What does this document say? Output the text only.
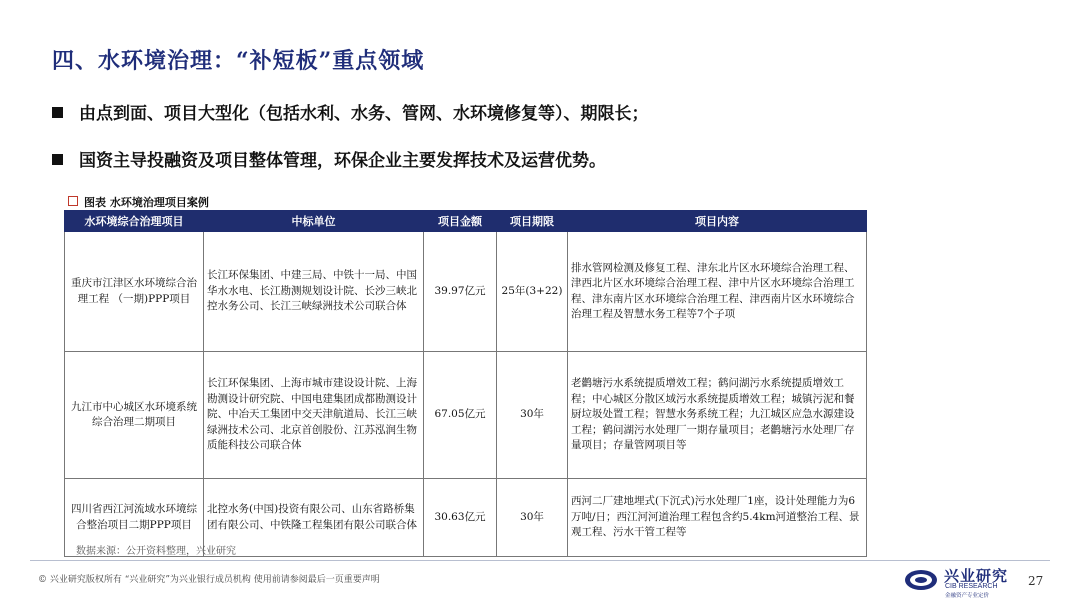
四、水环境治理：“补短板”重点领域
由点到面、项目大型化（包括水利、水务、管网、水环境修复等）、期限长；
国资主导投融资及项目整体管理，环保企业主要发挥技术及运营优势。
图表 水环境治理项目案例
水环境综合治理项目	中标单位	项目金额	项目期限	项目内容
重庆市江津区水环境综合治理工程 （一期)PPP项目	长江环保集团、中建三局、中铁十一局、中国华水水电、长江勘测规划设计院、长沙三峡北控水务公司、长江三峡绿洲技术公司联合体	39.97亿元	25年(3+22)	排水管网检测及修复工程、津东北片区水环境综合治理工程、津西北片区水环境综合治理工程、津中片区水环境综合治理工程、津东南片区水环境综合治理工程、津西南片区水环境综合治理工程及智慧水务工程等7个子项
九江市中心城区水环境系统综合治理二期项目	长江环保集团、上海市城市建设设计院、上海勘测设计研究院、中国电建集团成都勘测设计院、中冶天工集团中交天津航道局、长江三峡绿洲技术公司、北京首创股份、江苏泓润生物质能科技公司联合体	67.05亿元	30年	老鹳塘污水系统提质增效工程；鹤问湖污水系统提质增效工程；中心城区分散区域污水系统提质增效工程；城镇污泥和餐厨垃圾处置工程；智慧水务系统工程；九江城区应急水源建设工程；鹤问湖污水处理厂一期存量项目；老鹳塘污水处理厂存量项目；存量管网项目等
四川省西江河流域水环境综合整治项目二期PPP项目	北控水务(中国)投资有限公司、山东省路桥集团有限公司、中铁隆工程集团有限公司联合体	30.63亿元	30年	西河二厂建地埋式(下沉式)污水处理厂1座，设计处理能力为6万吨/日；西江河河道治理工程包含约5.4km河道整治工程、景观工程、污水干管工程等
数据来源：公开资料整理，兴业研究
© 兴业研究版权所有 “兴业研究”为兴业银行成员机构 使用前请参阅最后一页重要声明	兴业研究
CIB RESEARCH
金融资产专业定价
27
